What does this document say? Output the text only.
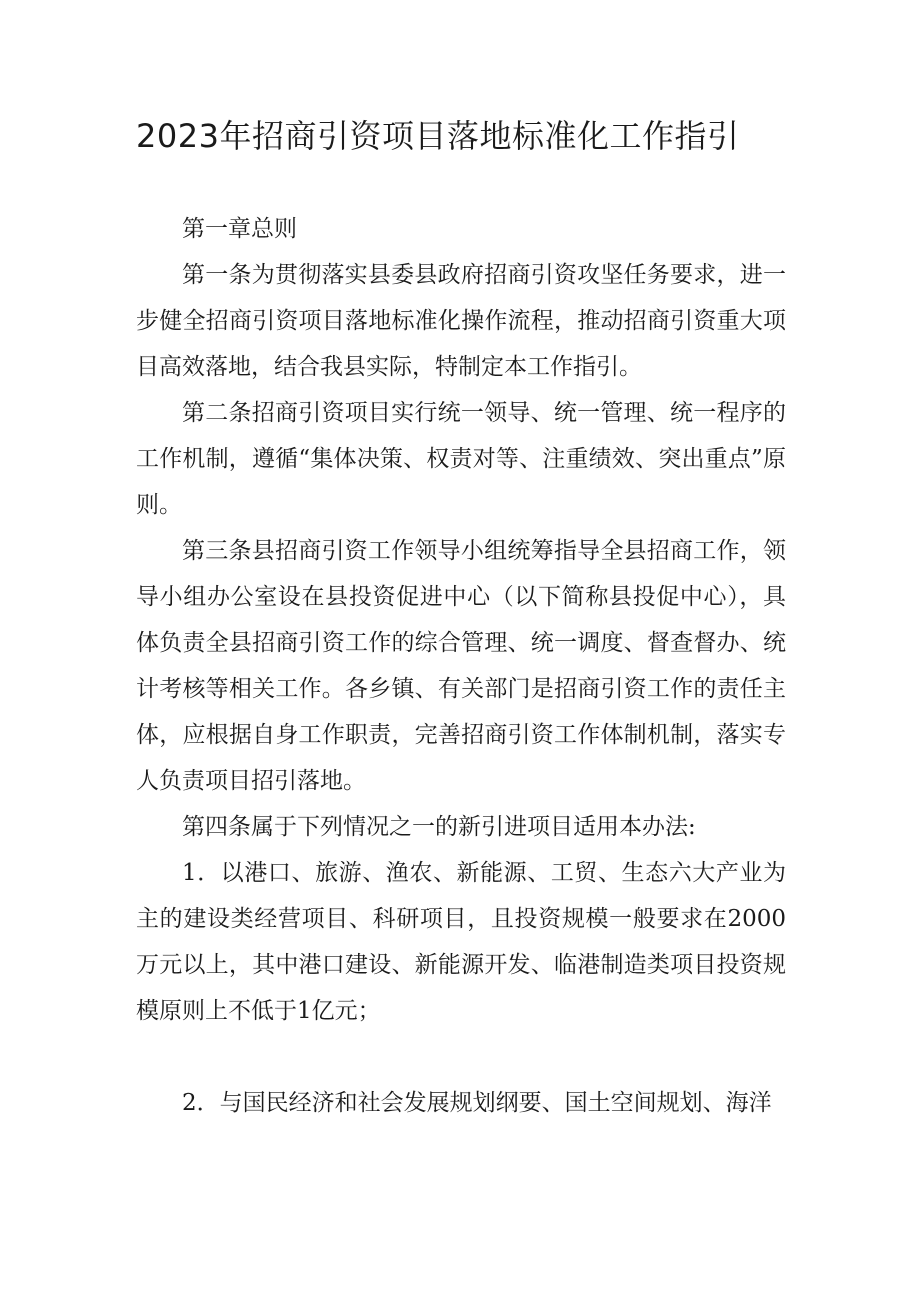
2023年招商引资项目落地标准化工作指引

第一章总则

第一条为贯彻落实县委县政府招商引资攻坚任务要求，进一步健全招商引资项目落地标准化操作流程，推动招商引资重大项目高效落地，结合我县实际，特制定本工作指引。

第二条招商引资项目实行统一领导、统一管理、统一程序的工作机制，遵循“集体决策、权责对等、注重绩效、突出重点”原则。

第三条县招商引资工作领导小组统筹指导全县招商工作，领导小组办公室设在县投资促进中心（以下简称县投促中心），具体负责全县招商引资工作的综合管理、统一调度、督查督办、统计考核等相关工作。各乡镇、有关部门是招商引资工作的责任主体，应根据自身工作职责，完善招商引资工作体制机制，落实专人负责项目招引落地。

第四条属于下列情况之一的新引进项目适用本办法:

1．以港口、旅游、渔农、新能源、工贸、生态六大产业为主的建设类经营项目、科研项目，且投资规模一般要求在2000万元以上，其中港口建设、新能源开发、临港制造类项目投资规模原则上不低于1亿元；

2．与国民经济和社会发展规划纲要、国土空间规划、海洋
